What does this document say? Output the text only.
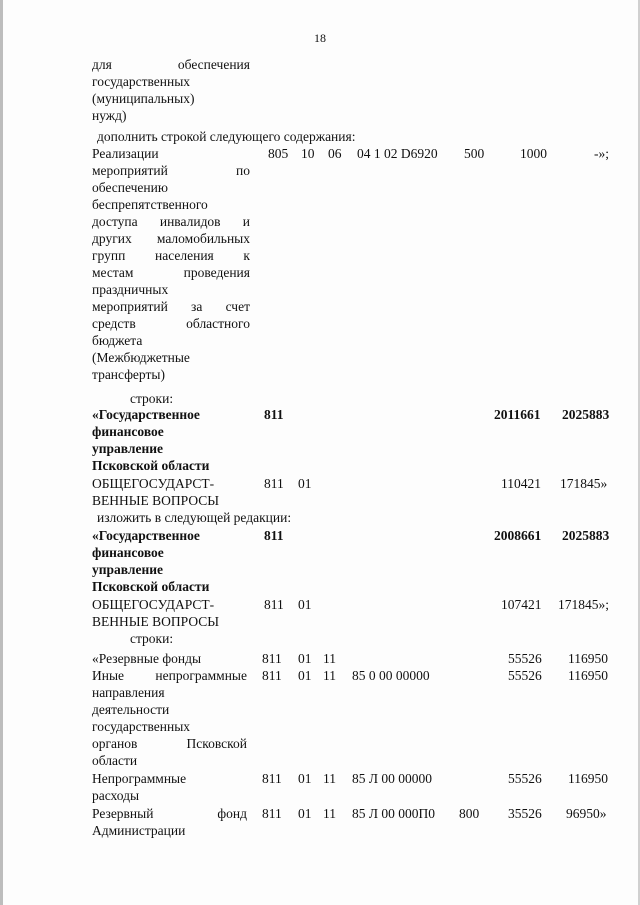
18
для обеспечения
государственных
(муниципальных)
нужд)
дополнить строкой следующего содержания:
Реализации
мероприятий по
обеспечению
беспрепятственного
доступа инвалидов и
других маломобильных
групп населения к
местам проведения
праздничных
мероприятий за счет
средств областного
бюджета
(Межбюджетные
трансферты)
805 10 06 04 1 02 D6920 500	1000	-»;
строки:
«Государственное
финансовое
управление
Псковской области
811	2011661 2025883
ОБЩЕГОСУДАРСТ-
ВЕННЫЕ ВОПРОСЫ
811 01	110421 171845»
изложить в следующей редакции:
«Государственное
финансовое
управление
Псковской области
811	2008661 2025883
ОБЩЕГОСУДАРСТ-
ВЕННЫЕ ВОПРОСЫ
811 01	107421 171845»;
строки:
«Резервные фонды	811 01 11	55526 116950
Иные непрограммные
направления
деятельности
государственных
органов Псковской
области
811 01 11 85 0 00 00000	55526 116950
Непрограммные
расходы
811 01 11 85 Л 00 00000	55526 116950
Резервный фонд
Администрации
811 01 11 85 Л 00 000П0 800 35526 96950»
